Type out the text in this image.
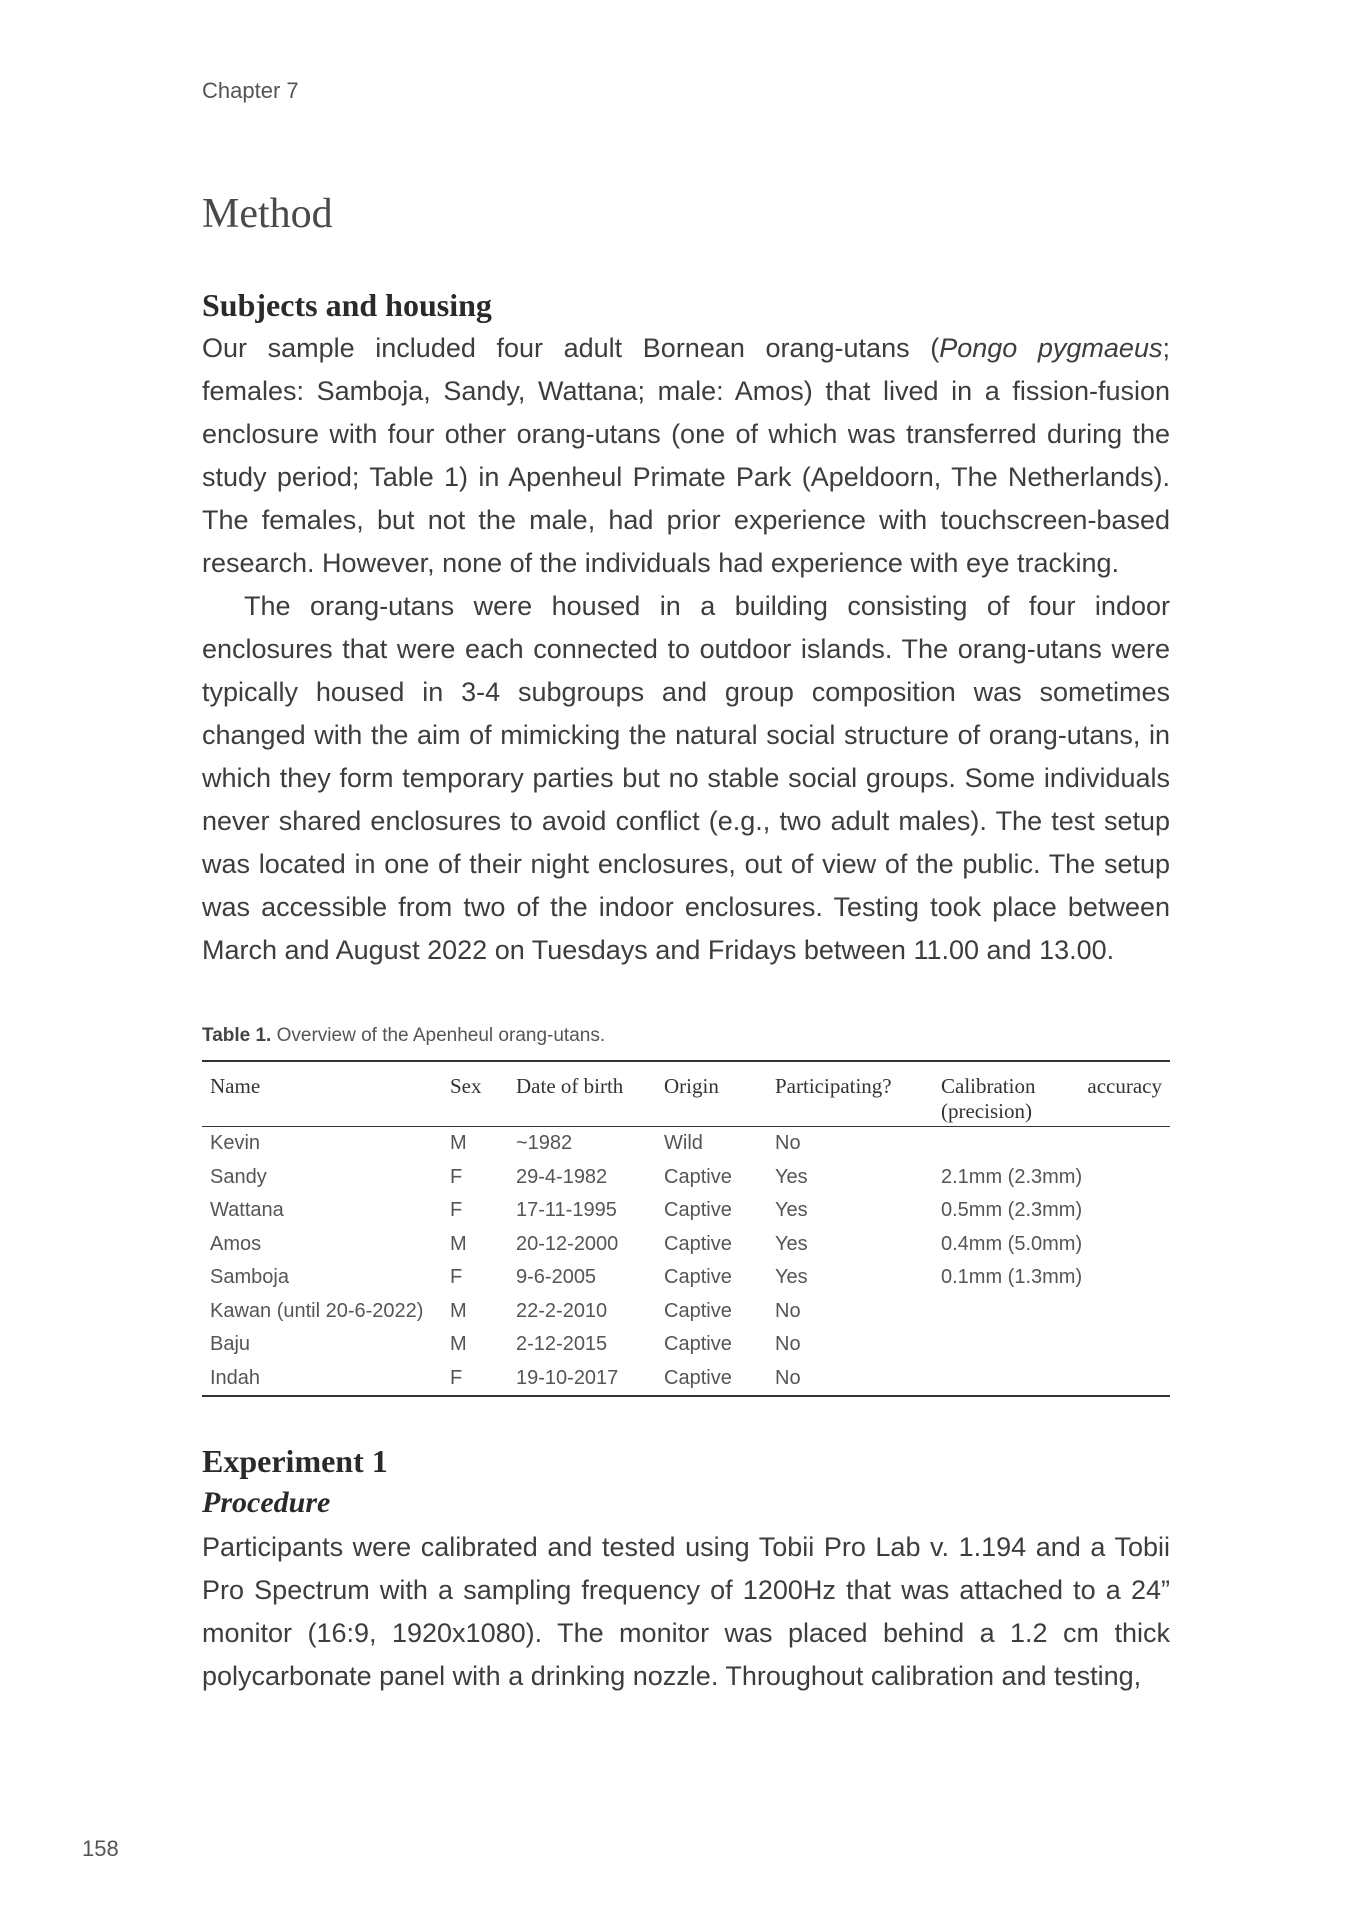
Chapter 7
Method
Subjects and housing

Our sample included four adult Bornean orang-utans (Pongo pygmaeus; females: Samboja, Sandy, Wattana; male: Amos) that lived in a fission-fusion enclosure with four other orang-utans (one of which was transferred during the study period; Table 1) in Apenheul Primate Park (Apeldoorn, The Netherlands). The females, but not the male, had prior experience with touchscreen-based research. However, none of the individuals had experience with eye tracking.

The orang-utans were housed in a building consisting of four indoor enclosures that were each connected to outdoor islands. The orang-utans were typically housed in 3-4 subgroups and group composition was sometimes changed with the aim of mimicking the natural social structure of orang-utans, in which they form temporary parties but no stable social groups. Some individuals never shared enclosures to avoid conflict (e.g., two adult males). The test setup was located in one of their night enclosures, out of view of the public. The setup was accessible from two of the indoor enclosures. Testing took place between March and August 2022 on Tuesdays and Fridays between 11.00 and 13.00.

Table 1. Overview of the Apenheul orang-utans.
Name	Sex	Date of birth	Origin	Participating?	Calibration accuracy
(precision)

Kevin	M	~1982	Wild	No	
Sandy	F	29-4-1982	Captive	Yes	2.1mm (2.3mm)
Wattana	F	17-11-1995	Captive	Yes	0.5mm (2.3mm)
Amos	M	20-12-2000	Captive	Yes	0.4mm (5.0mm)
Samboja	F	9-6-2005	Captive	Yes	0.1mm (1.3mm)
Kawan (until 20-6-2022)	M	22-2-2010	Captive	No	
Baju	M	2-12-2015	Captive	No	
Indah	F	19-10-2017	Captive	No	
Experiment 1
Procedure

Participants were calibrated and tested using Tobii Pro Lab v. 1.194 and a Tobii Pro Spectrum with a sampling frequency of 1200Hz that was attached to a 24” monitor (16:9, 1920x1080). The monitor was placed behind a 1.2 cm thick polycarbonate panel with a drinking nozzle. Throughout calibration and testing,

158
